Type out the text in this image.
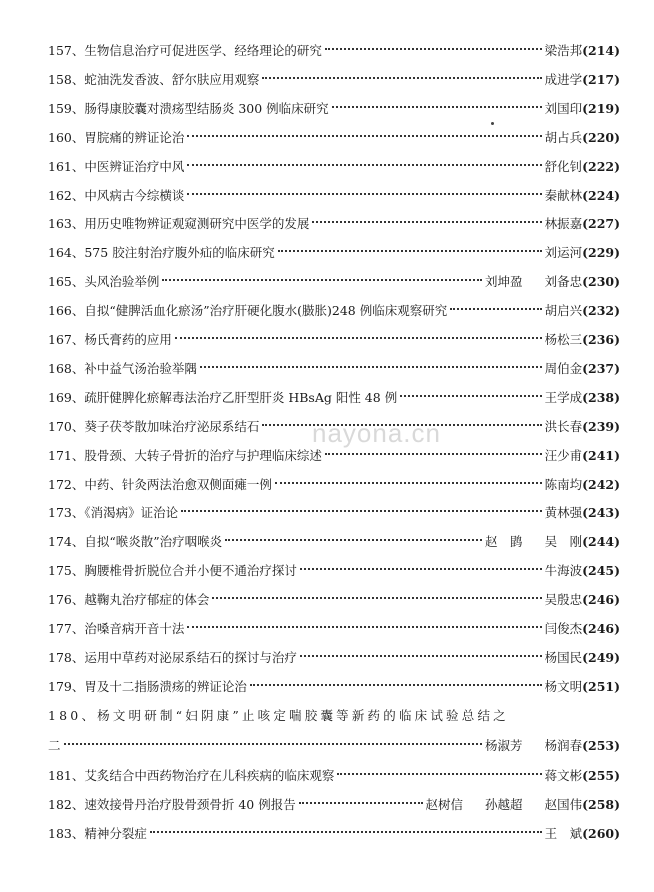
157、生物信息治疗可促进医学、经络理论的研究	梁浩邦 (214)
158、蛇油洗发香波、舒尔肤应用观察	成进学 (217)
159、肠得康胶囊对溃疡型结肠炎 300 例临床研究	刘国印 (219)
160、胃脘痛的辨证论治	胡占兵 (220)
161、中医辨证治疗中风	舒化钊 (222)
162、中风病古今综横谈	秦献林 (224)
163、用历史唯物辨证观窥测研究中医学的发展	林振嘉 (227)
164、575 胶注射治疗腹外疝的临床研究	刘运河 (229)
165、头风治验举例	刘坤盈 刘备忠 (230)
166、自拟“健脾活血化瘀汤”治疗肝硬化腹水(臌胀)248 例临床观察研究	胡启兴 (232)
167、杨氏膏药的应用	杨松三 (236)
168、补中益气汤治验举隅	周伯金 (237)
169、疏肝健脾化瘀解毒法治疗乙肝型肝炎 HBsAg 阳性 48 例	王学成 (238)
170、葵子茯苓散加味治疗泌尿系结石	洪长春 (239)
171、股骨颈、大转子骨折的治疗与护理临床综述	汪少甫 (241)
172、中药、针灸两法治愈双侧面瘫一例	陈南均 (242)
173、《消渴病》证治论	黄林强 (243)
174、自拟“喉炎散”治疗咽喉炎	赵　鹍 吴　刚 (244)
175、胸腰椎骨折脱位合并小便不通治疗探讨	牛海波 (245)
176、越鞠丸治疗郁症的体会	吴殷忠 (246)
177、治嗓音病开音十法	闫俊杰 (246)
178、运用中草药对泌尿系结石的探讨与治疗	杨国民 (249)
179、胃及十二指肠溃疡的辨证论治	杨文明 (251)
180、杨文明研制“妇阴康”止咳定喘胶囊等新药的临床试验总结之
二	杨淑芳 杨润春 (253)
181、艾炙结合中西药物治疗在儿科疾病的临床观察	蒋文彬 (255)
182、速效接骨丹治疗股骨颈骨折 40 例报告	赵树信 孙越超 赵国伟 (258)
183、精神分裂症	王　斌 (260)
nayona.cn
